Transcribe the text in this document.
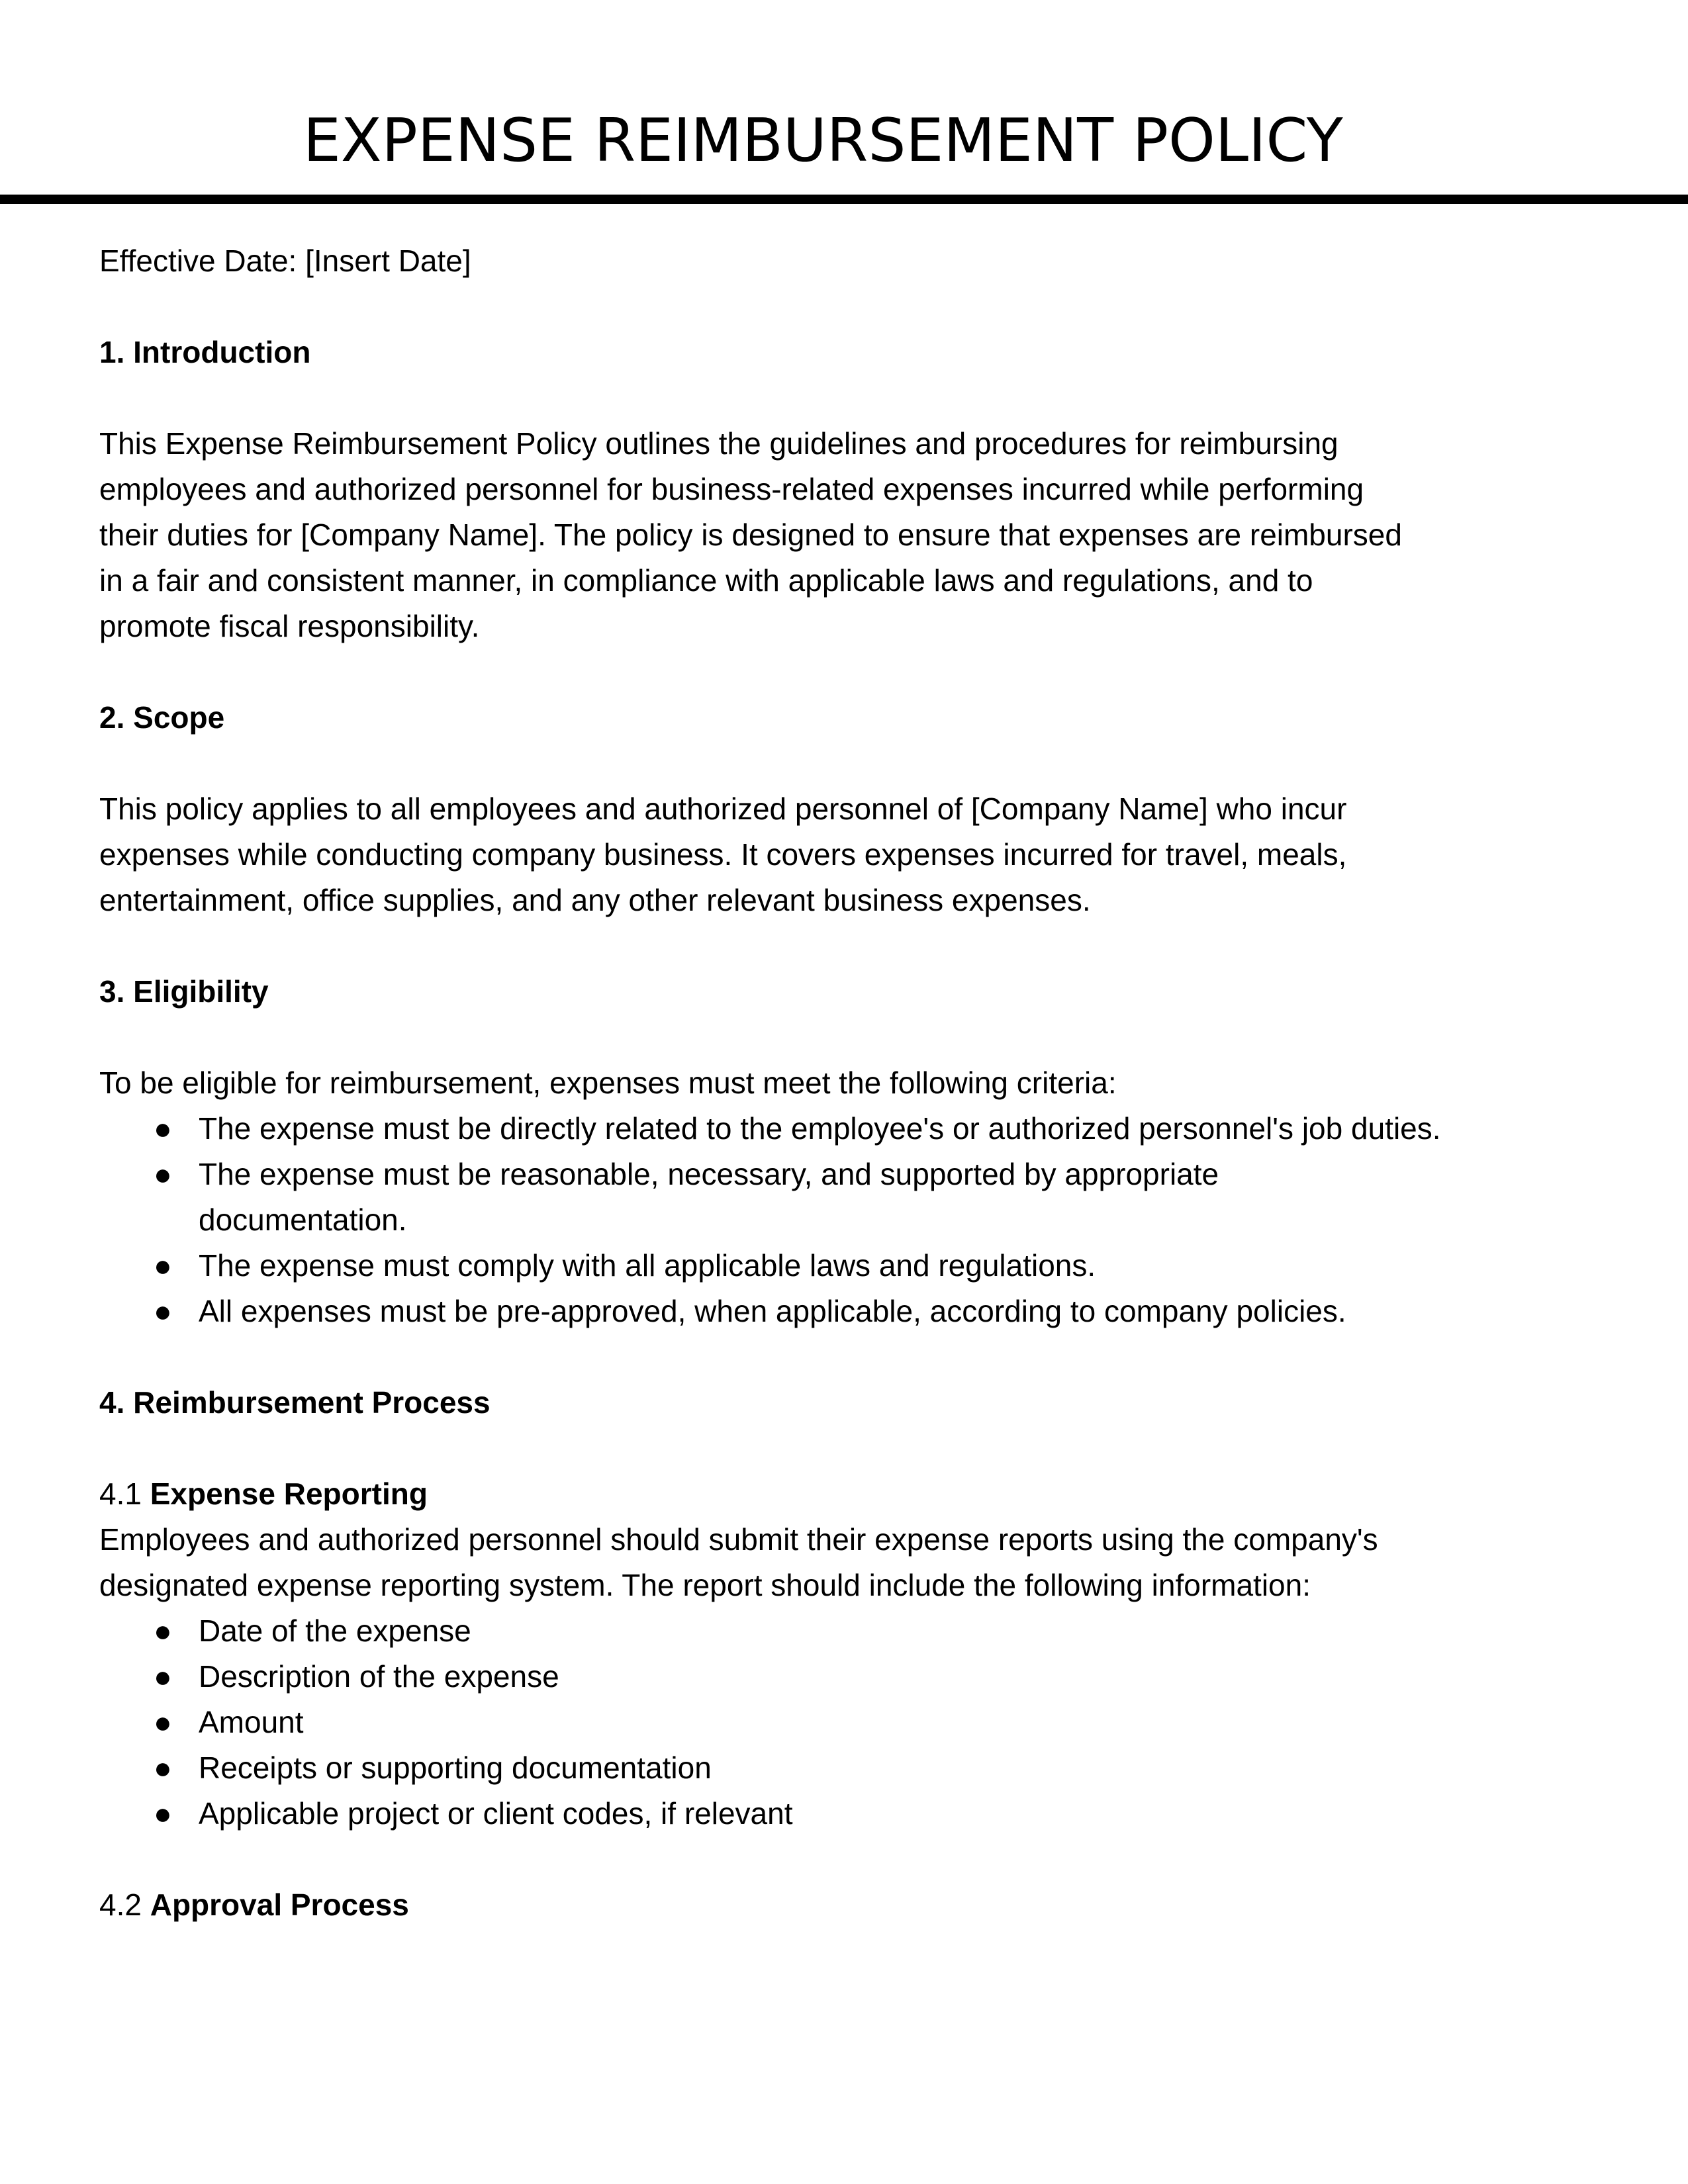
EXPENSE REIMBURSEMENT POLICY

Effective Date: [Insert Date]

1. Introduction

This Expense Reimbursement Policy outlines the guidelines and procedures for reimbursing

employees and authorized personnel for business-related expenses incurred while performing

their duties for [Company Name]. The policy is designed to ensure that expenses are reimbursed

in a fair and consistent manner, in compliance with applicable laws and regulations, and to

promote fiscal responsibility.

2. Scope

This policy applies to all employees and authorized personnel of [Company Name] who incur

expenses while conducting company business. It covers expenses incurred for travel, meals,

entertainment, office supplies, and any other relevant business expenses.

3. Eligibility

To be eligible for reimbursement, expenses must meet the following criteria:

● The expense must be directly related to the employee's or authorized personnel's job duties.
● The expense must be reasonable, necessary, and supported by appropriate
documentation.
● The expense must comply with all applicable laws and regulations.
● All expenses must be pre-approved, when applicable, according to company policies.

4. Reimbursement Process

4.1 Expense Reporting

Employees and authorized personnel should submit their expense reports using the company's

designated expense reporting system. The report should include the following information:

● Date of the expense
● Description of the expense
● Amount
● Receipts or supporting documentation
● Applicable project or client codes, if relevant

4.2 Approval Process
